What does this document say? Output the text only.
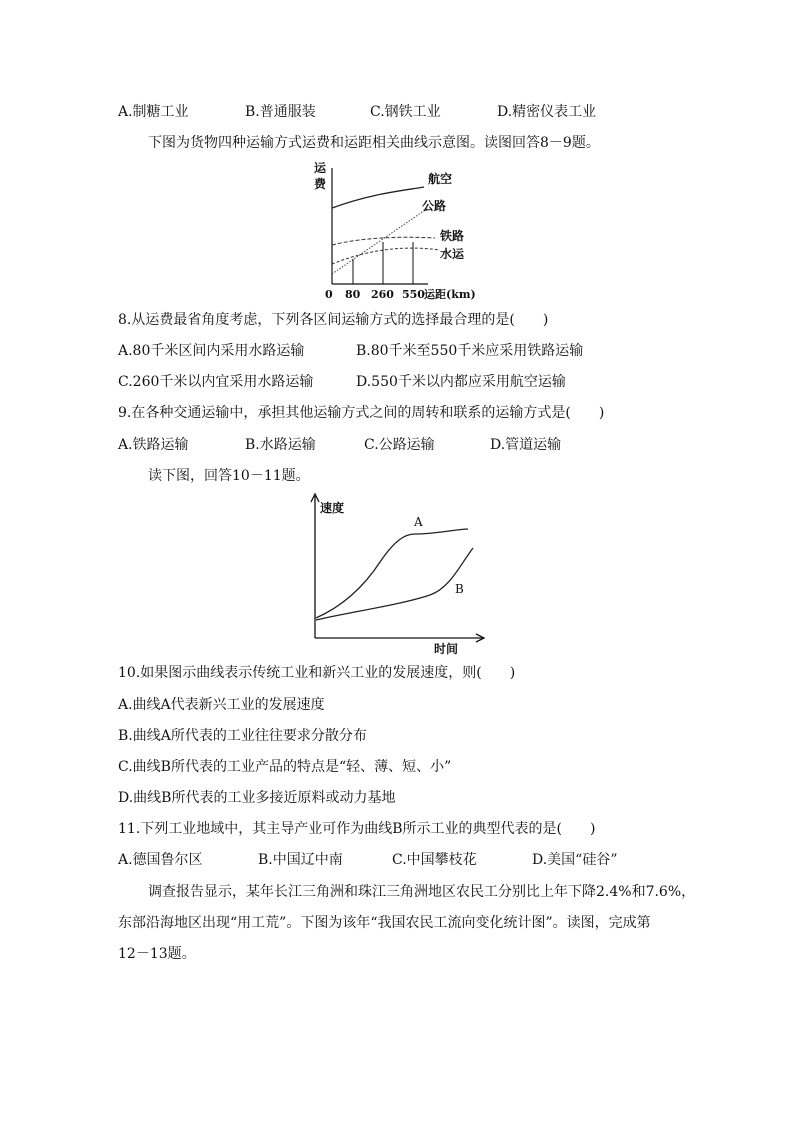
A.制糖工业	B.普通服装	C.钢铁工业	D.精密仪表工业
下图为货物四种运输方式运费和运距相关曲线示意图。读图回答8－9题。
运
费	航空
公路
铁路
水运
0 80 260 550 运距(km)
8.从运费最省角度考虑，下列各区间运输方式的选择最合理的是(　　)
A.80千米区间内采用水路运输	B.80千米至550千米应采用铁路运输
C.260千米以内宜采用水路运输	D.550千米以内都应采用航空运输
9.在各种交通运输中，承担其他运输方式之间的周转和联系的运输方式是(　　)
A.铁路运输	B.水路运输	C.公路运输	D.管道运输
读下图，回答10－11题。
速度
时间
A
B
10.如果图示曲线表示传统工业和新兴工业的发展速度，则(　　)
A.曲线A代表新兴工业的发展速度
B.曲线A所代表的工业往往要求分散分布
C.曲线B所代表的工业产品的特点是“轻、薄、短、小”
D.曲线B所代表的工业多接近原料或动力基地
11.下列工业地域中，其主导产业可作为曲线B所示工业的典型代表的是(　　)
A.德国鲁尔区	B.中国辽中南	C.中国攀枝花	D.美国“硅谷”
调查报告显示，某年长江三角洲和珠江三角洲地区农民工分别比上年下降2.4%和7.6%，
东部沿海地区出现“用工荒”。下图为该年“我国农民工流向变化统计图”。读图，完成第
12－13题。
